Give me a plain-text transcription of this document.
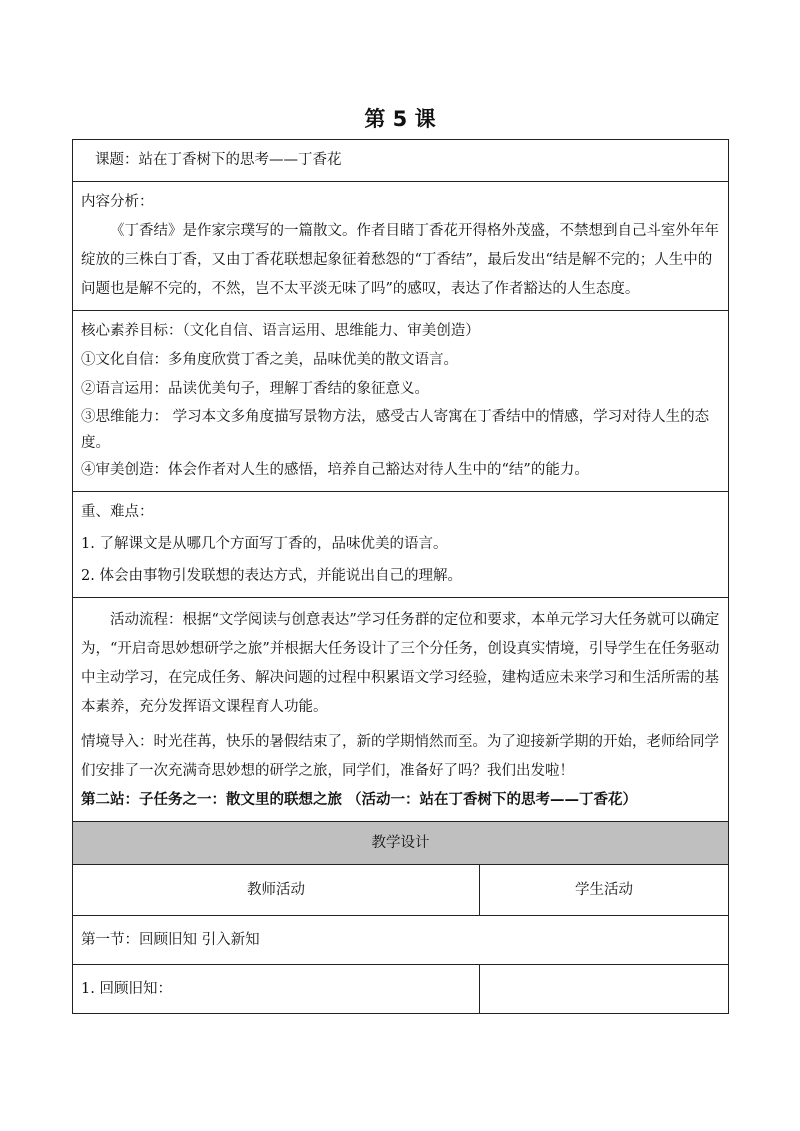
第 5 课

课题：站在丁香树下的思考——丁香花	

内容分析：

《丁香结》是作家宗璞写的一篇散文。作者目睹丁香花开得格外茂盛，不禁想到自己斗室外年年绽放的三株白丁香，又由丁香花联想起象征着愁怨的“丁香结”，最后发出“结是解不完的；人生中的问题也是解不完的，不然，岂不太平淡无味了吗”的感叹，表达了作者豁达的人生态度。	

核心素养目标：（文化自信、语言运用、思维能力、审美创造）

①文化自信：多角度欣赏丁香之美，品味优美的散文语言。

②语言运用：品读优美句子，理解丁香结的象征意义。

③思维能力： 学习本文多角度描写景物方法，感受古人寄寓在丁香结中的情感，学习对待人生的态度。

④审美创造：体会作者对人生的感悟，培养自己豁达对待人生中的“结”的能力。	

重、难点：

1. 了解课文是从哪几个方面写丁香的，品味优美的语言。

2. 体会由事物引发联想的表达方式，并能说出自己的理解。	

活动流程：根据“文学阅读与创意表达”学习任务群的定位和要求，本单元学习大任务就可以确定为，“开启奇思妙想研学之旅”并根据大任务设计了三个分任务，创设真实情境，引导学生在任务驱动中主动学习，在完成任务、解决问题的过程中积累语文学习经验，建构适应未来学习和生活所需的基本素养，充分发挥语文课程育人功能。

情境导入：时光荏苒，快乐的暑假结束了，新的学期悄然而至。为了迎接新学期的开始，老师给同学们安排了一次充满奇思妙想的研学之旅，同学们，准备好了吗？我们出发啦！

第二站：子任务之一：散文里的联想之旅 （活动一：站在丁香树下的思考——丁香花）	

教学设计	
教师活动	学生活动
第一节：回顾旧知 引入新知	
1. 回顾旧知：	
